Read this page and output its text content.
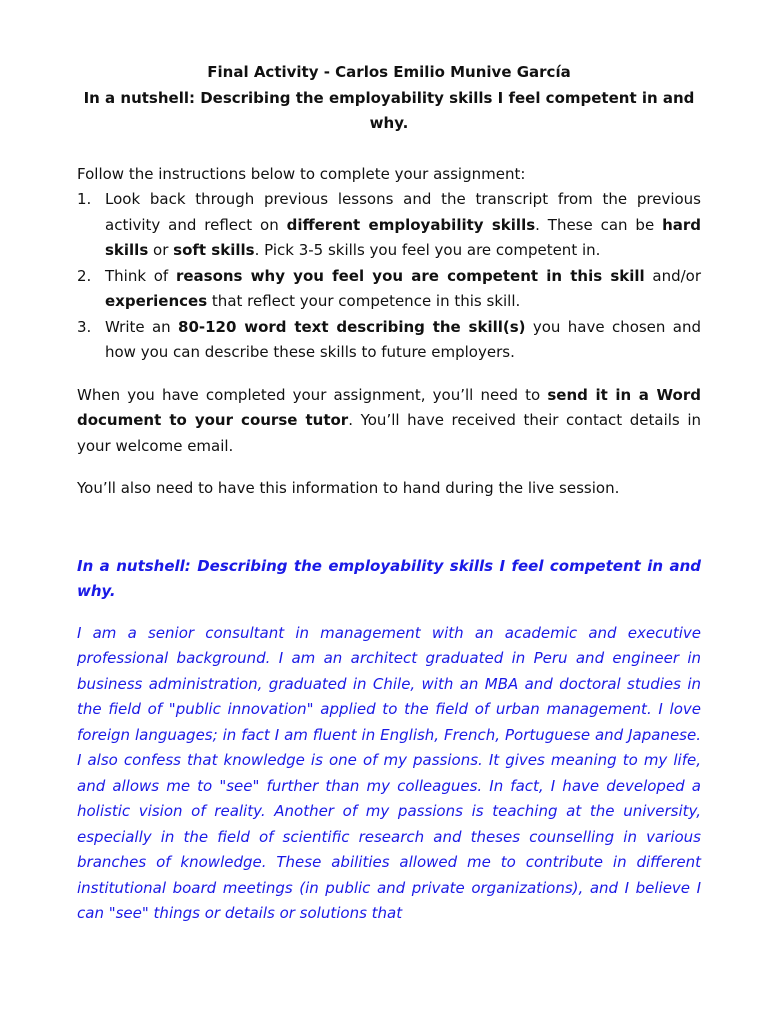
Final Activity - Carlos Emilio Munive García

In a nutshell: Describing the employability skills I feel competent in and why.

Follow the instructions below to complete your assignment:

1. Look back through previous lessons and the transcript from the previous activity and reflect on different employability skills. These can be hard skills or soft skills. Pick 3-5 skills you feel you are competent in.
2. Think of reasons why you feel you are competent in this skill and/or experiences that reflect your competence in this skill.
3. Write an 80-120 word text describing the skill(s) you have chosen and how you can describe these skills to future employers.

When you have completed your assignment, you’ll need to send it in a Word document to your course tutor. You’ll have received their contact details in your welcome email.

You’ll also need to have this information to hand during the live session.

In a nutshell: Describing the employability skills I feel competent in and why.

I am a senior consultant in management with an academic and executive professional background. I am an architect graduated in Peru and engineer in business administration, graduated in Chile, with an MBA and doctoral studies in the field of "public innovation" applied to the field of urban management. I love foreign languages; in fact I am fluent in English, French, Portuguese and Japanese. I also confess that knowledge is one of my passions. It gives meaning to my life, and allows me to "see" further than my colleagues. In fact, I have developed a holistic vision of reality. Another of my passions is teaching at the university, especially in the field of scientific research and theses counselling in various branches of knowledge. These abilities allowed me to contribute in different institutional board meetings (in public and private organizations), and I believe I can "see" things or details or solutions that
